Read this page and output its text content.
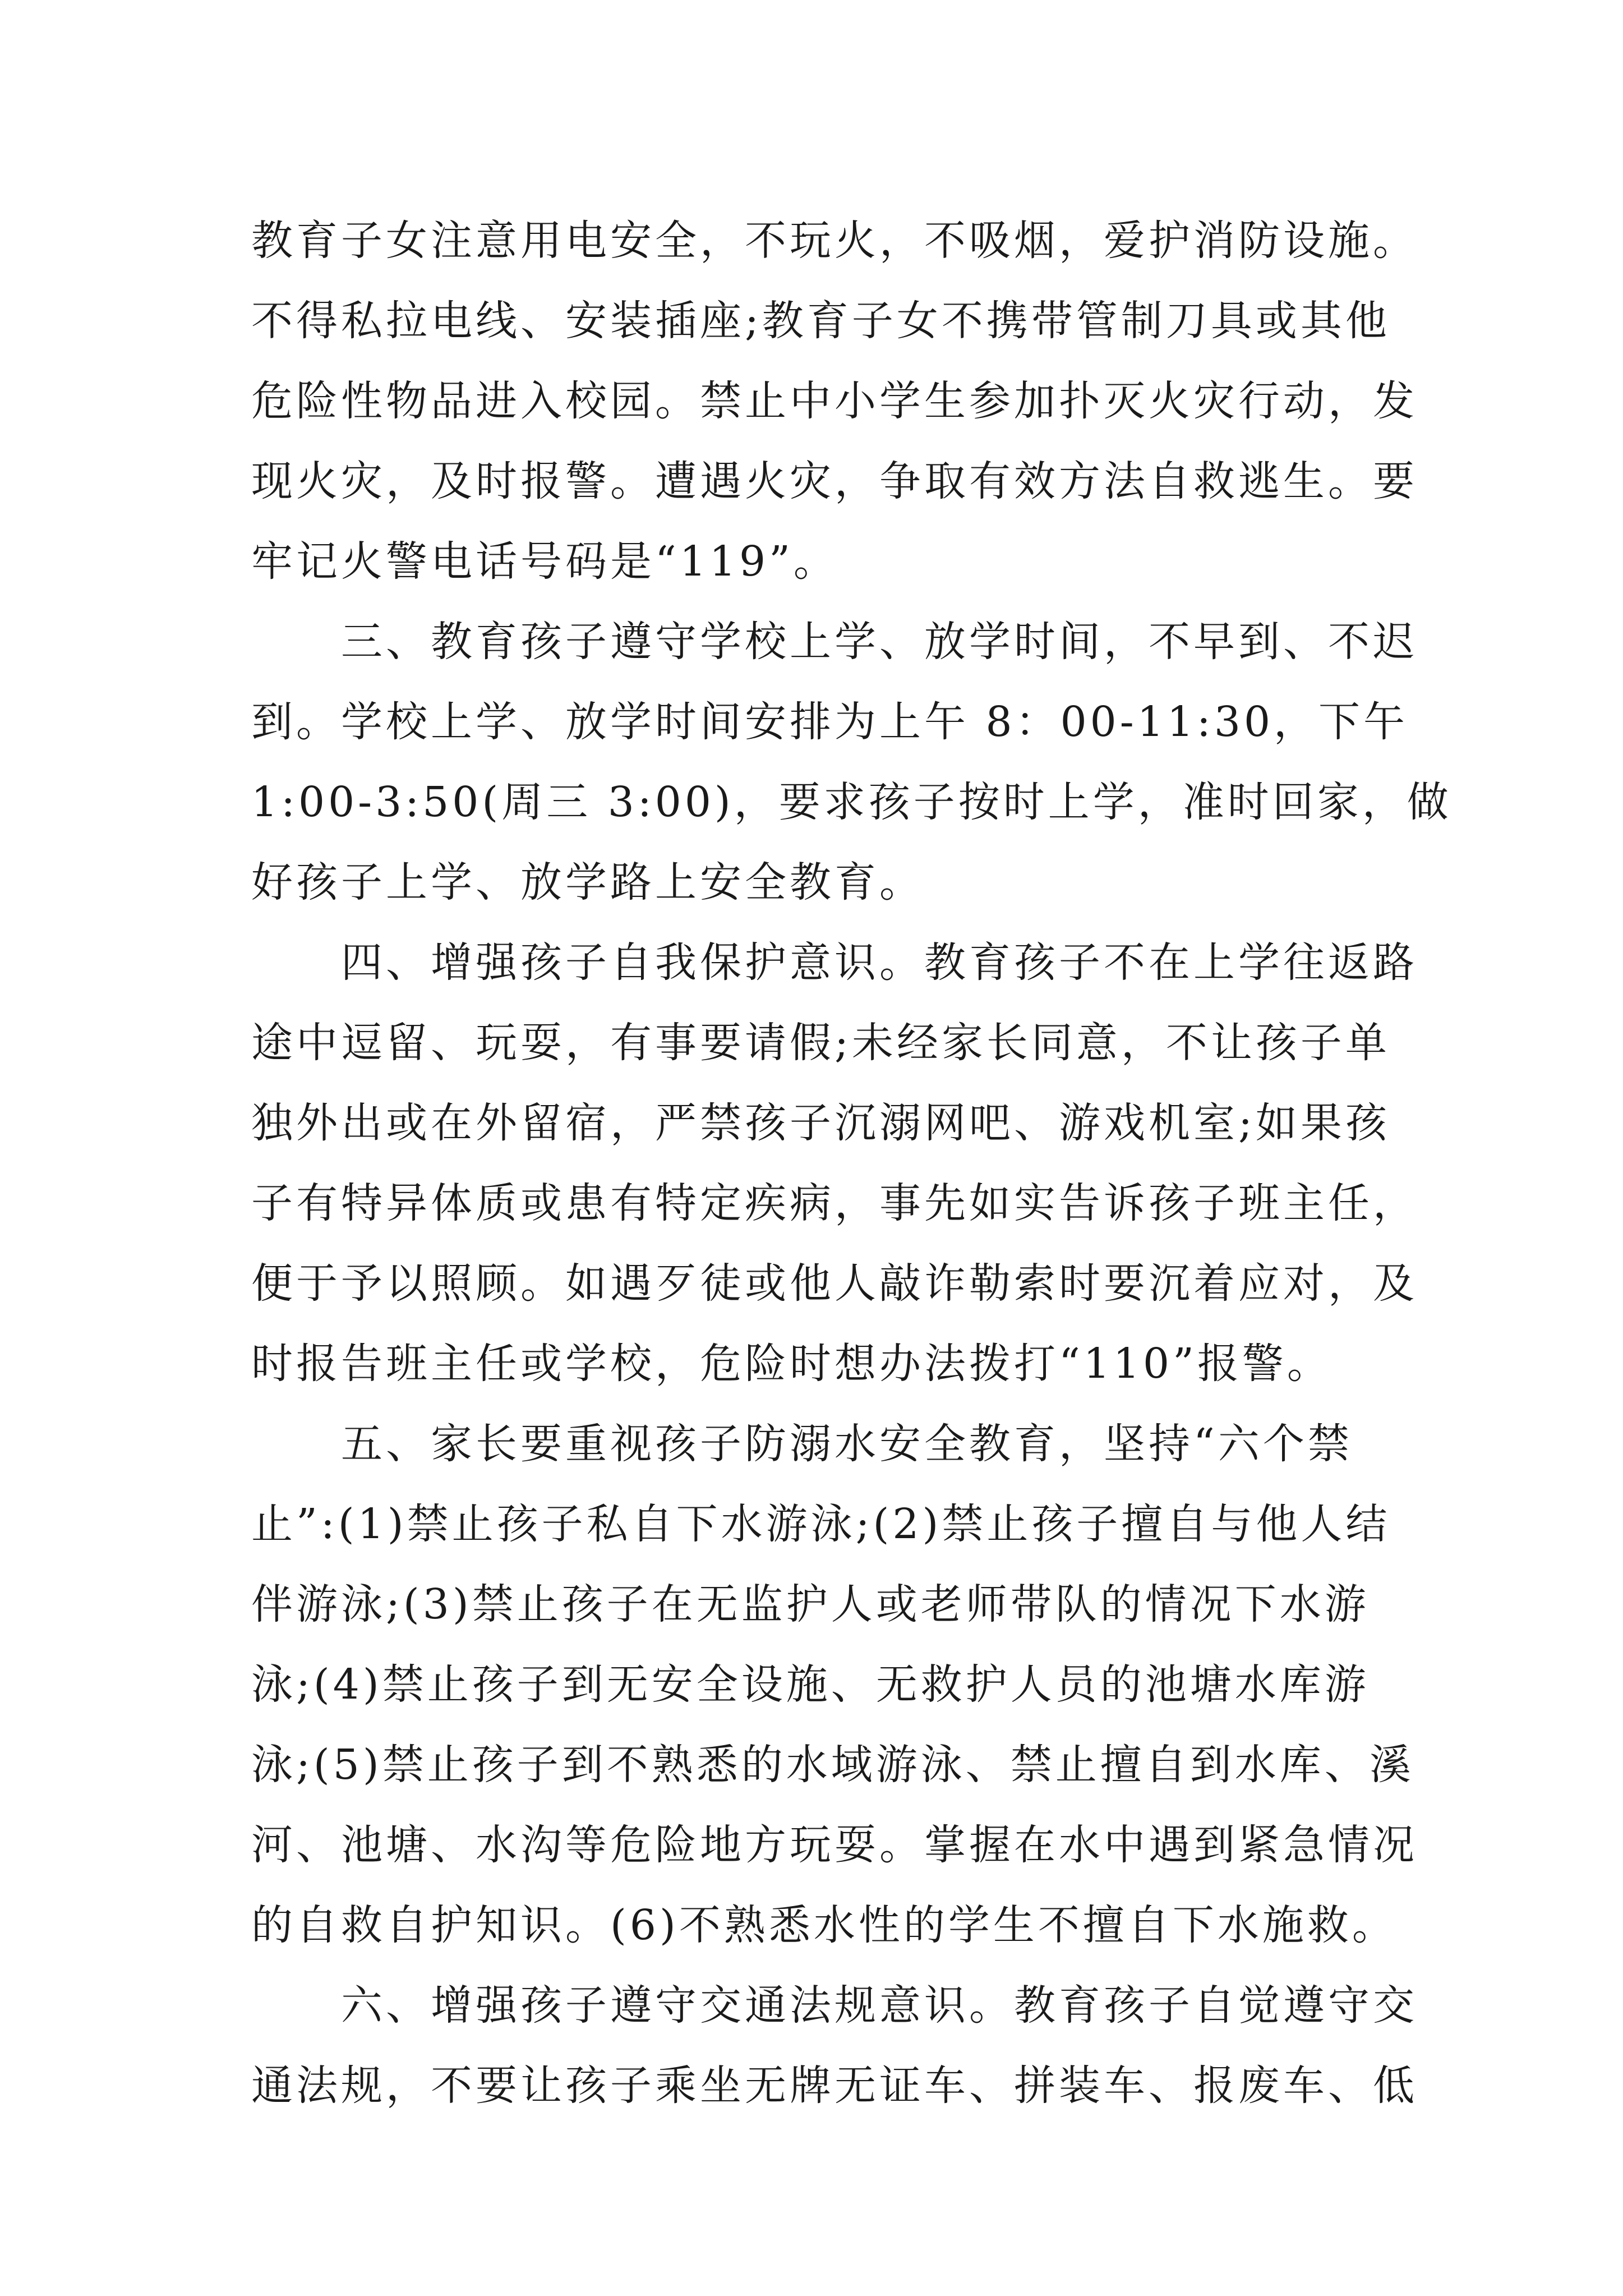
教育子女注意用电安全，不玩火，不吸烟，爱护消防设施。
不得私拉电线、安装插座;教育子女不携带管制刀具或其他
危险性物品进入校园。禁止中小学生参加扑灭火灾行动，发
现火灾，及时报警。遭遇火灾，争取有效方法自救逃生。要
牢记火警电话号码是“119”。
　　三、教育孩子遵守学校上学、放学时间，不早到、不迟
到。学校上学、放学时间安排为上午 8：00-11:30，下午
1:00-3:50(周三 3:00)，要求孩子按时上学，准时回家，做
好孩子上学、放学路上安全教育。
　　四、增强孩子自我保护意识。教育孩子不在上学往返路
途中逗留、玩耍，有事要请假;未经家长同意，不让孩子单
独外出或在外留宿，严禁孩子沉溺网吧、游戏机室;如果孩
子有特异体质或患有特定疾病，事先如实告诉孩子班主任，
便于予以照顾。如遇歹徒或他人敲诈勒索时要沉着应对，及
时报告班主任或学校，危险时想办法拨打“110”报警。
　　五、家长要重视孩子防溺水安全教育，坚持“六个禁
止”:(1)禁止孩子私自下水游泳;(2)禁止孩子擅自与他人结
伴游泳;(3)禁止孩子在无监护人或老师带队的情况下水游
泳;(4)禁止孩子到无安全设施、无救护人员的池塘水库游
泳;(5)禁止孩子到不熟悉的水域游泳、禁止擅自到水库、溪
河、池塘、水沟等危险地方玩耍。掌握在水中遇到紧急情况
的自救自护知识。(6)不熟悉水性的学生不擅自下水施救。
　　六、增强孩子遵守交通法规意识。教育孩子自觉遵守交
通法规，不要让孩子乘坐无牌无证车、拼装车、报废车、低
